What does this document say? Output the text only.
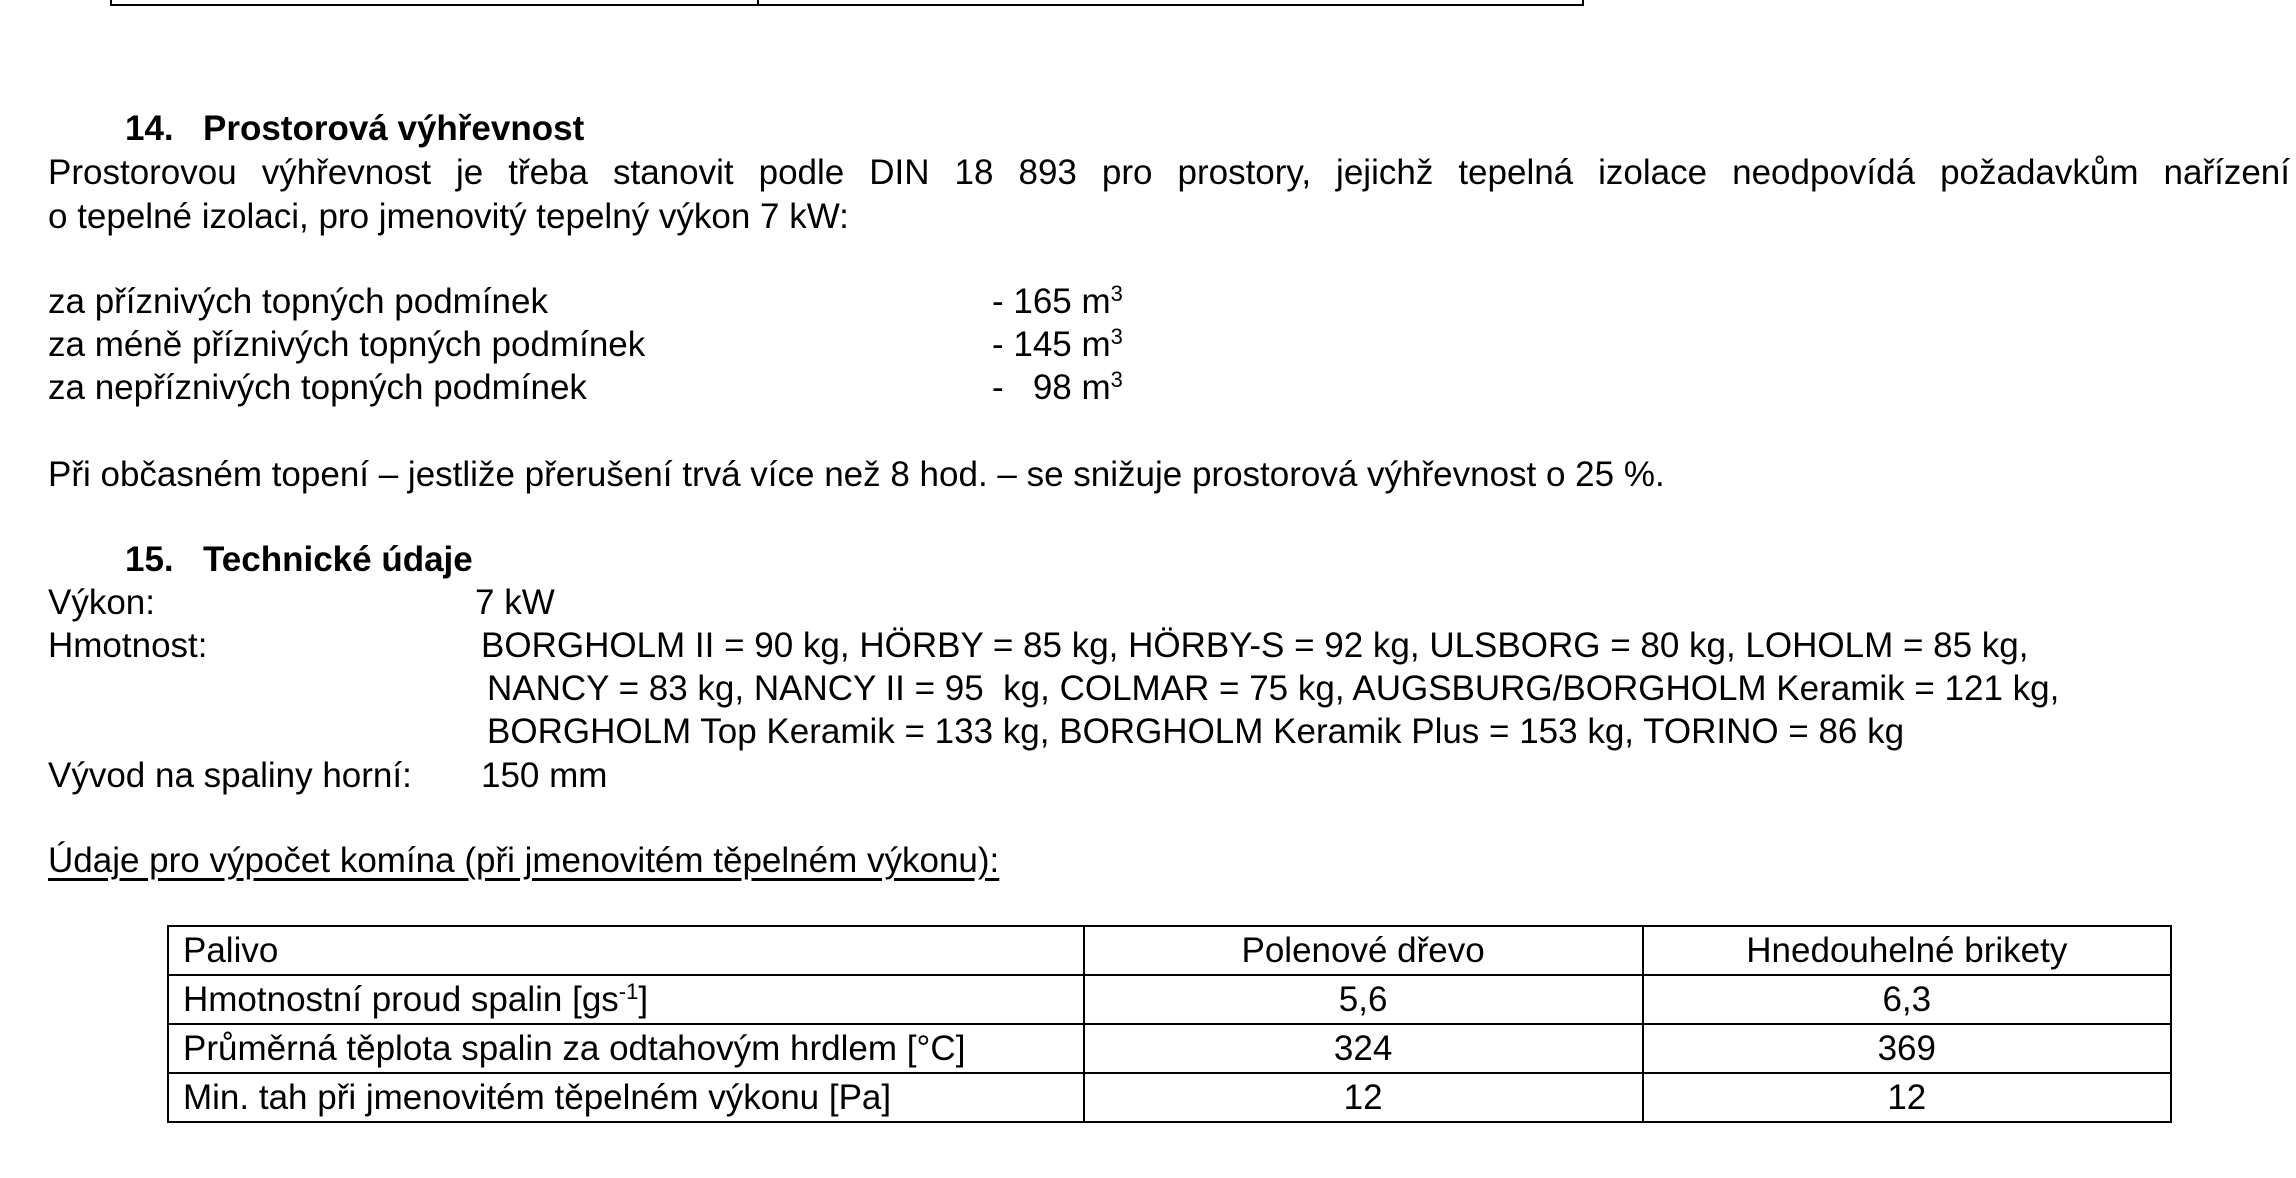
14. Prostorová výhřevnost
Prostorovou výhřevnost je třeba stanovit podle DIN 18 893 pro prostory, jejichž tepelná izolace neodpovídá požadavkům nařízení
o tepelné izolaci, pro jmenovitý tepelný výkon 7 kW:
za příznivých topných podmínek	- 165 $m^3$
za méně příznivých topných podmínek	- 145 $m^3$
za nepříznivých topných podmínek	-   98 $m^3$
Při občasném topení – jestliže přerušení trvá více než 8 hod. – se snižuje prostorová výhřevnost o 25 %.
15. Technické údaje
Výkon:	7 kW
Hmotnost:	BORGHOLM II = 90 kg, HÖRBY = 85 kg, HÖRBY-S = 92 kg, ULSBORG = 80 kg, LOHOLM = 85 kg,
NANCY = 83 kg, NANCY II = 95  kg, COLMAR = 75 kg, AUGSBURG/BORGHOLM Keramik = 121 kg,
BORGHOLM Top Keramik = 133 kg, BORGHOLM Keramik Plus = 153 kg, TORINO = 86 kg
Vývod na spaliny horní: 150 mm
Údaje pro výpočet komína (při jmenovitém těpelném výkonu):
Palivo	Polenové dřevo	Hnedouhelné brikety
Hmotnostní proud spalin $[gs^{-1}]$	5,6	6,3
Průměrná těplota spalin za odtahovým hrdlem [°C]	324	369
Min. tah při jmenovitém těpelném výkonu [Pa]	12	12
